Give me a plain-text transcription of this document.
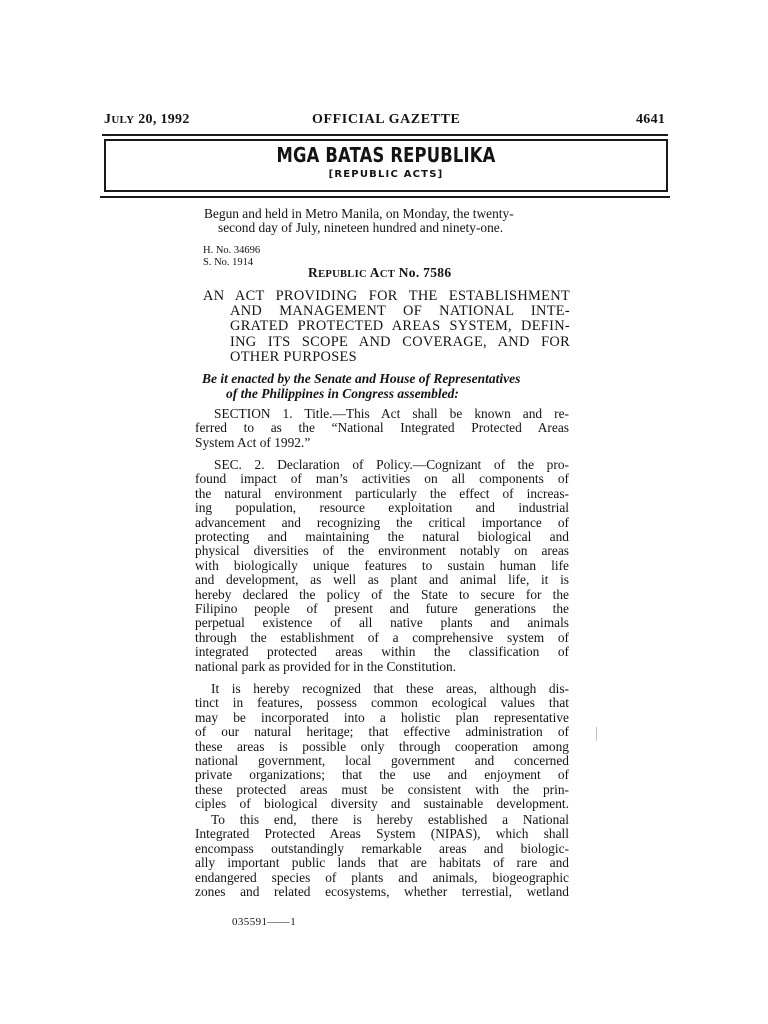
JULY 20, 1992	OFFICIAL GAZETTE	4641
MGA BATAS REPUBLIKA
[REPUBLIC ACTS]
Begun and held in Metro Manila, on Monday, the twenty-
second day of July, nineteen hundred and ninety-one.
H. No. 34696
S. No. 1914
REPUBLIC ACT No. 7586
AN ACT PROVIDING FOR THE ESTABLISHMENT
AND MANAGEMENT OF NATIONAL INTE-
GRATED PROTECTED AREAS SYSTEM, DEFIN-
ING ITS SCOPE AND COVERAGE, AND FOR
OTHER PURPOSES
Be it enacted by the Senate and House of Representatives
of the Philippines in Congress assembled:
SECTION 1. Title.—This Act shall be known and re-
ferred to as the “National Integrated Protected Areas
System Act of 1992.”
SEC. 2. Declaration of Policy.—Cognizant of the pro-
found impact of man’s activities on all components of
the natural environment particularly the effect of increas-
ing population, resource exploitation and industrial
advancement and recognizing the critical importance of
protecting and maintaining the natural biological and
physical diversities of the environment notably on areas
with biologically unique features to sustain human life
and development, as well as plant and animal life, it is
hereby declared the policy of the State to secure for the
Filipino people of present and future generations the
perpetual existence of all native plants and animals
through the establishment of a comprehensive system of
integrated protected areas within the classification of
national park as provided for in the Constitution.
It is hereby recognized that these areas, although dis-
tinct in features, possess common ecological values that
may be incorporated into a holistic plan representative
of our natural heritage; that effective administration of
these areas is possible only through cooperation among
national government, local government and concerned
private organizations; that the use and enjoyment of
these protected areas must be consistent with the prin-
ciples of biological diversity and sustainable development.
To this end, there is hereby established a National
Integrated Protected Areas System (NIPAS), which shall
encompass outstandingly remarkable areas and biologic-
ally important public lands that are habitats of rare and
endangered species of plants and animals, biogeographic
zones and related ecosystems, whether terrestial, wetland
035591——1
